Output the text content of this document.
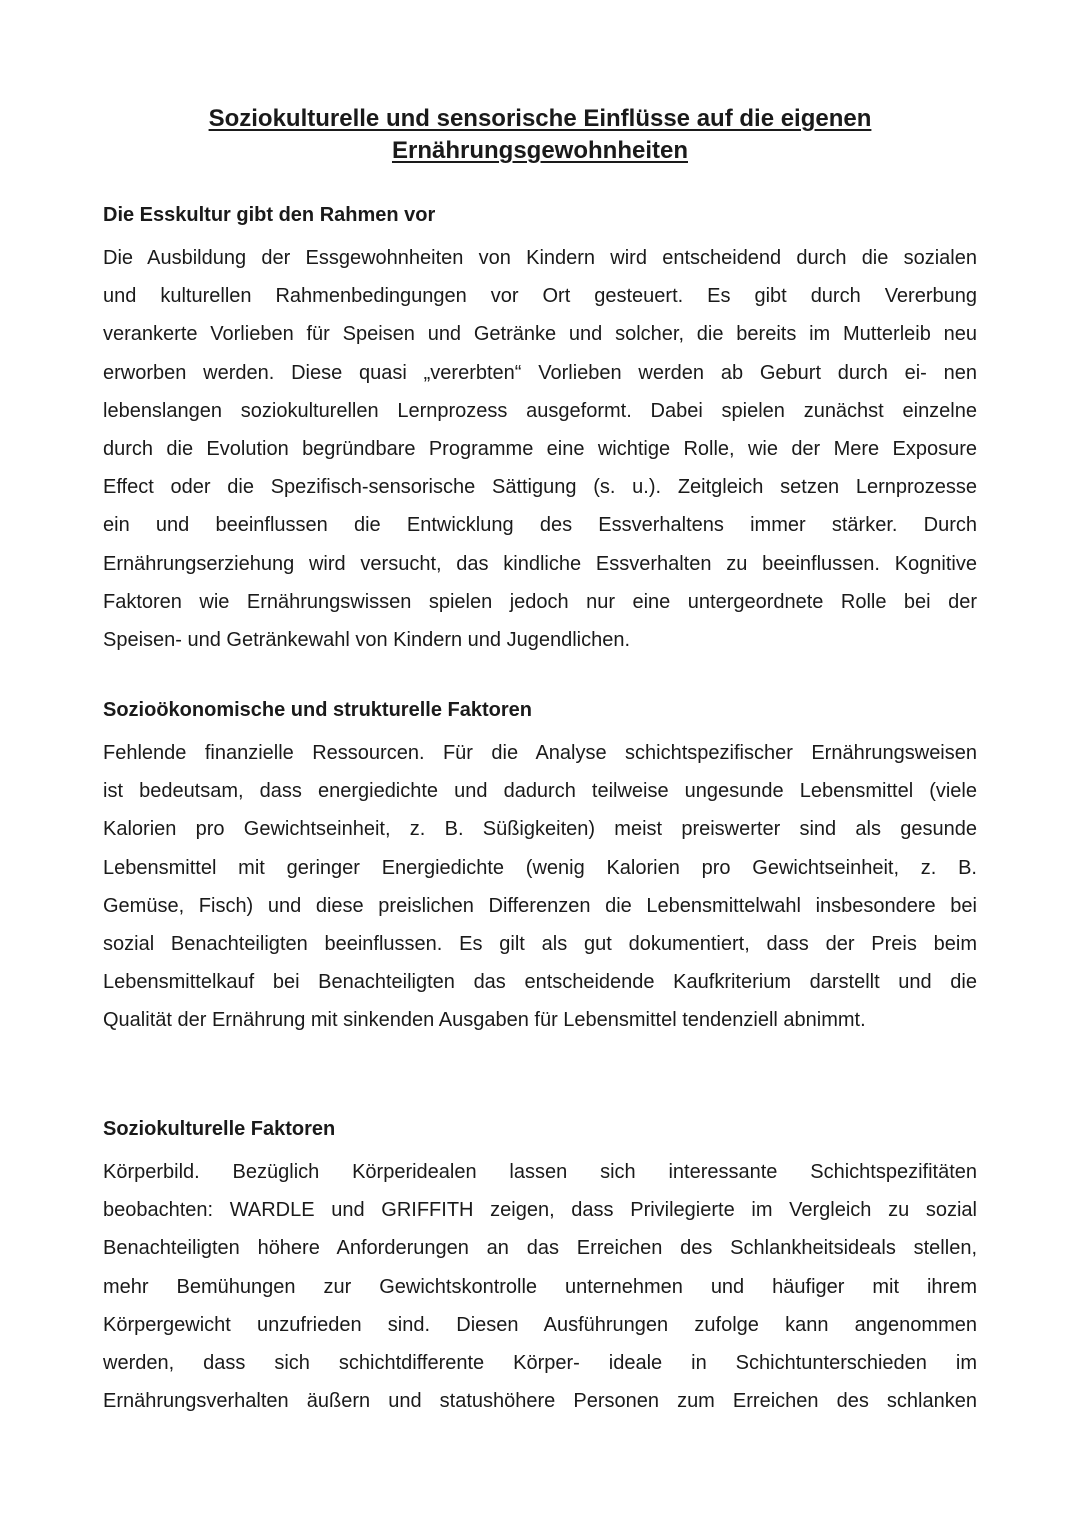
Soziokulturelle und sensorische Einflüsse auf die eigenen
Ernährungsgewohnheiten
Die Esskultur gibt den Rahmen vor

Die Ausbildung der Essgewohnheiten von Kindern wird entscheidend durch die sozialen
und kulturellen Rahmenbedingungen vor Ort gesteuert. Es gibt durch Vererbung
verankerte Vorlieben für Speisen und Getränke und solcher, die bereits im Mutterleib neu
erworben werden. Diese quasi „vererbten“ Vorlieben werden ab Geburt durch ei- nen
lebenslangen soziokulturellen Lernprozess ausgeformt. Dabei spielen zunächst einzelne
durch die Evolution begründbare Programme eine wichtige Rolle, wie der Mere Exposure
Effect oder die Spezifisch-sensorische Sättigung (s. u.). Zeitgleich setzen Lernprozesse
ein und beeinflussen die Entwicklung des Essverhaltens immer stärker. Durch
Ernährungserziehung wird versucht, das kindliche Essverhalten zu beeinflussen. Kognitive
Faktoren wie Ernährungswissen spielen jedoch nur eine untergeordnete Rolle bei der
Speisen- und Getränkewahl von Kindern und Jugendlichen.

Sozioökonomische und strukturelle Faktoren

Fehlende finanzielle Ressourcen. Für die Analyse schichtspezifischer Ernährungsweisen
ist bedeutsam, dass energiedichte und dadurch teilweise ungesunde Lebensmittel (viele
Kalorien pro Gewichtseinheit, z. B. Süßigkeiten) meist preiswerter sind als gesunde
Lebensmittel mit geringer Energiedichte (wenig Kalorien pro Gewichtseinheit, z. B.
Gemüse, Fisch) und diese preislichen Differenzen die Lebensmittelwahl insbesondere bei
sozial Benachteiligten beeinflussen. Es gilt als gut dokumentiert, dass der Preis beim
Lebensmittelkauf bei Benachteiligten das entscheidende Kaufkriterium darstellt und die
Qualität der Ernährung mit sinkenden Ausgaben für Lebensmittel tendenziell abnimmt.

Soziokulturelle Faktoren

Körperbild. Bezüglich Körperidealen lassen sich interessante Schichtspezifitäten
beobachten: WARDLE und GRIFFITH zeigen, dass Privilegierte im Vergleich zu sozial
Benachteiligten höhere Anforderungen an das Erreichen des Schlankheitsideals stellen,
mehr Bemühungen zur Gewichtskontrolle unternehmen und häufiger mit ihrem
Körpergewicht unzufrieden sind. Diesen Ausführungen zufolge kann angenommen
werden, dass sich schichtdifferente Körper- ideale in Schichtunterschieden im
Ernährungsverhalten äußern und statushöhere Personen zum Erreichen des schlanken
